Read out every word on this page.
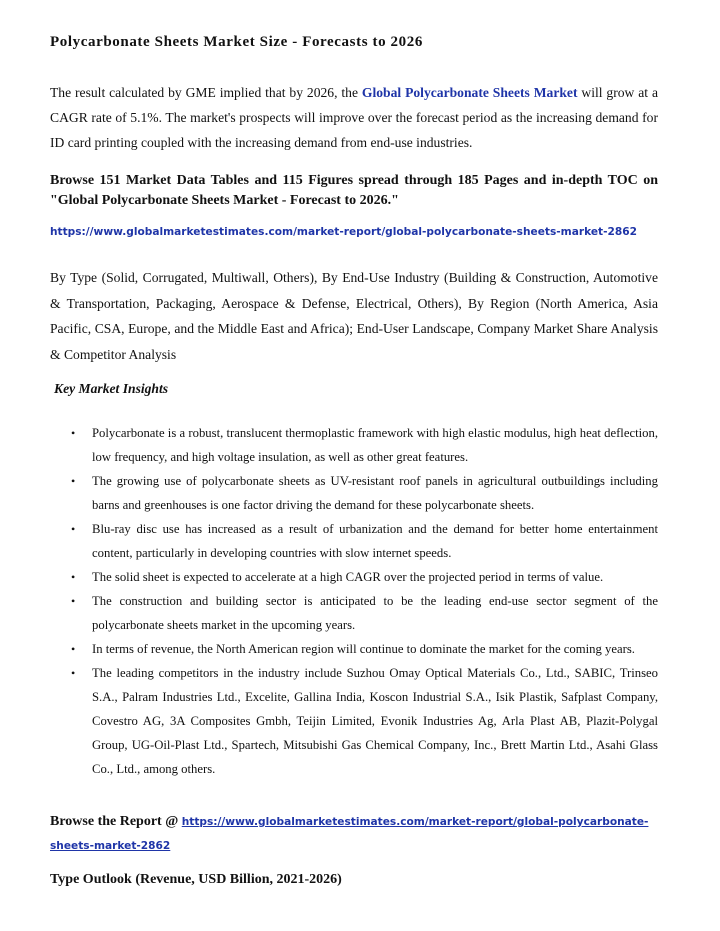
Polycarbonate Sheets Market Size - Forecasts to 2026

The result calculated by GME implied that by 2026, the Global Polycarbonate Sheets Market will grow at a CAGR rate of 5.1%. The market's prospects will improve over the forecast period as the increasing demand for ID card printing coupled with the increasing demand from end-use industries.

Browse 151 Market Data Tables and 115 Figures spread through 185 Pages and in-depth TOC on "Global Polycarbonate Sheets Market - Forecast to 2026."

https://www.globalmarketestimates.com/market-report/global-polycarbonate-sheets-market-2862

By Type (Solid, Corrugated, Multiwall, Others), By End-Use Industry (Building & Construction, Automotive & Transportation, Packaging, Aerospace & Defense, Electrical, Others), By Region (North America, Asia Pacific, CSA, Europe, and the Middle East and Africa); End-User Landscape, Company Market Share Analysis & Competitor Analysis

Key Market Insights
• Polycarbonate is a robust, translucent thermoplastic framework with high elastic modulus, high heat deflection, low frequency, and high voltage insulation, as well as other great features.
• The growing use of polycarbonate sheets as UV-resistant roof panels in agricultural outbuildings including barns and greenhouses is one factor driving the demand for these polycarbonate sheets.
• Blu-ray disc use has increased as a result of urbanization and the demand for better home entertainment content, particularly in developing countries with slow internet speeds.
• The solid sheet is expected to accelerate at a high CAGR over the projected period in terms of value.
• The construction and building sector is anticipated to be the leading end-use sector segment of the polycarbonate sheets market in the upcoming years.
• In terms of revenue, the North American region will continue to dominate the market for the coming years.
• The leading competitors in the industry include Suzhou Omay Optical Materials Co., Ltd., SABIC, Trinseo S.A., Palram Industries Ltd., Excelite, Gallina India, Koscon Industrial S.A., Isik Plastik, Safplast Company, Covestro AG, 3A Composites Gmbh, Teijin Limited, Evonik Industries Ag, Arla Plast AB, Plazit-Polygal Group, UG-Oil-Plast Ltd., Spartech, Mitsubishi Gas Chemical Company, Inc., Brett Martin Ltd., Asahi Glass Co., Ltd., among others.

Browse the Report @ https://www.globalmarketestimates.com/market-report/global-polycarbonate-sheets-market-2862

Type Outlook (Revenue, USD Billion, 2021-2026)
